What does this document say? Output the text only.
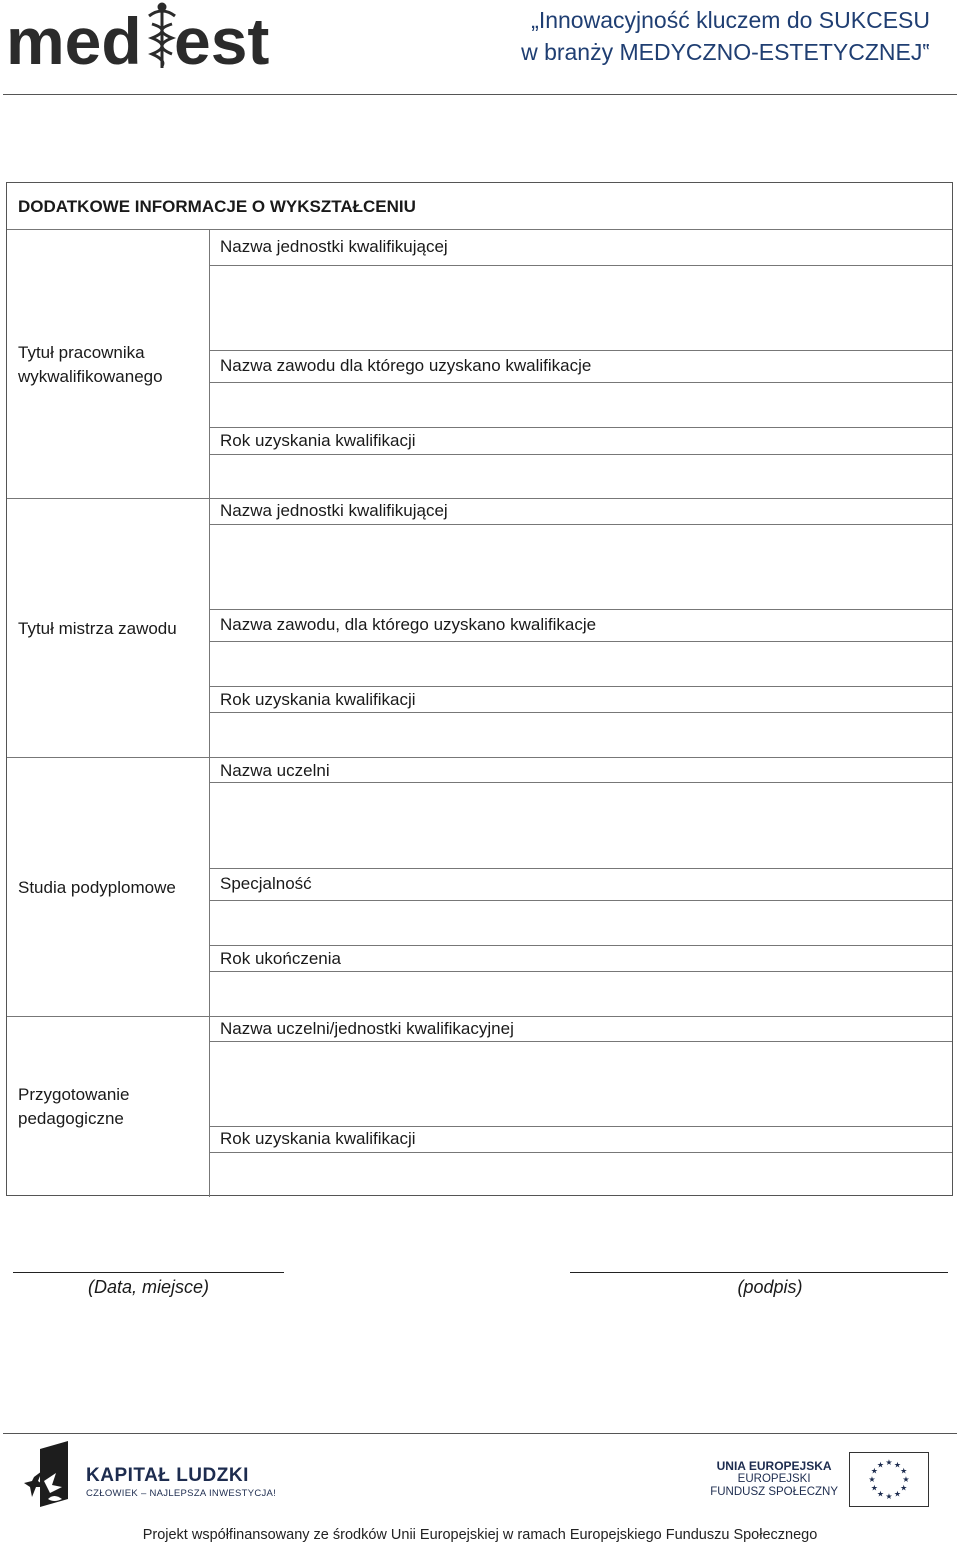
med est	„Innowacyjność kluczem do SUKCESU
w branży MEDYCZNO-ESTETYCZNEJ‟
DODATKOWE INFORMACJE O WYKSZTAŁCENIU
Tytuł pracownika
wykwalifikowanego
Nazwa jednostki kwalifikującej
Nazwa zawodu dla którego uzyskano kwalifikacje
Rok uzyskania kwalifikacji
Tytuł mistrza zawodu
Nazwa jednostki kwalifikującej
Nazwa zawodu, dla którego uzyskano kwalifikacje
Rok uzyskania kwalifikacji
Studia podyplomowe
Nazwa uczelni
Specjalność
Rok ukończenia
Przygotowanie
pedagogiczne
Nazwa uczelni/jednostki kwalifikacyjnej
Rok uzyskania kwalifikacji
(Data, miejsce)	(podpis)
KAPITAŁ LUDZKI
CZŁOWIEK – NAJLEPSZA INWESTYCJA!
UNIA EUROPEJSKA
EUROPEJSKI
FUNDUSZ SPOŁECZNY
★ ★
★
★
★
★
★
★
★
★
★
★
Projekt współfinansowany ze środków Unii Europejskiej w ramach Europejskiego Funduszu Społecznego
